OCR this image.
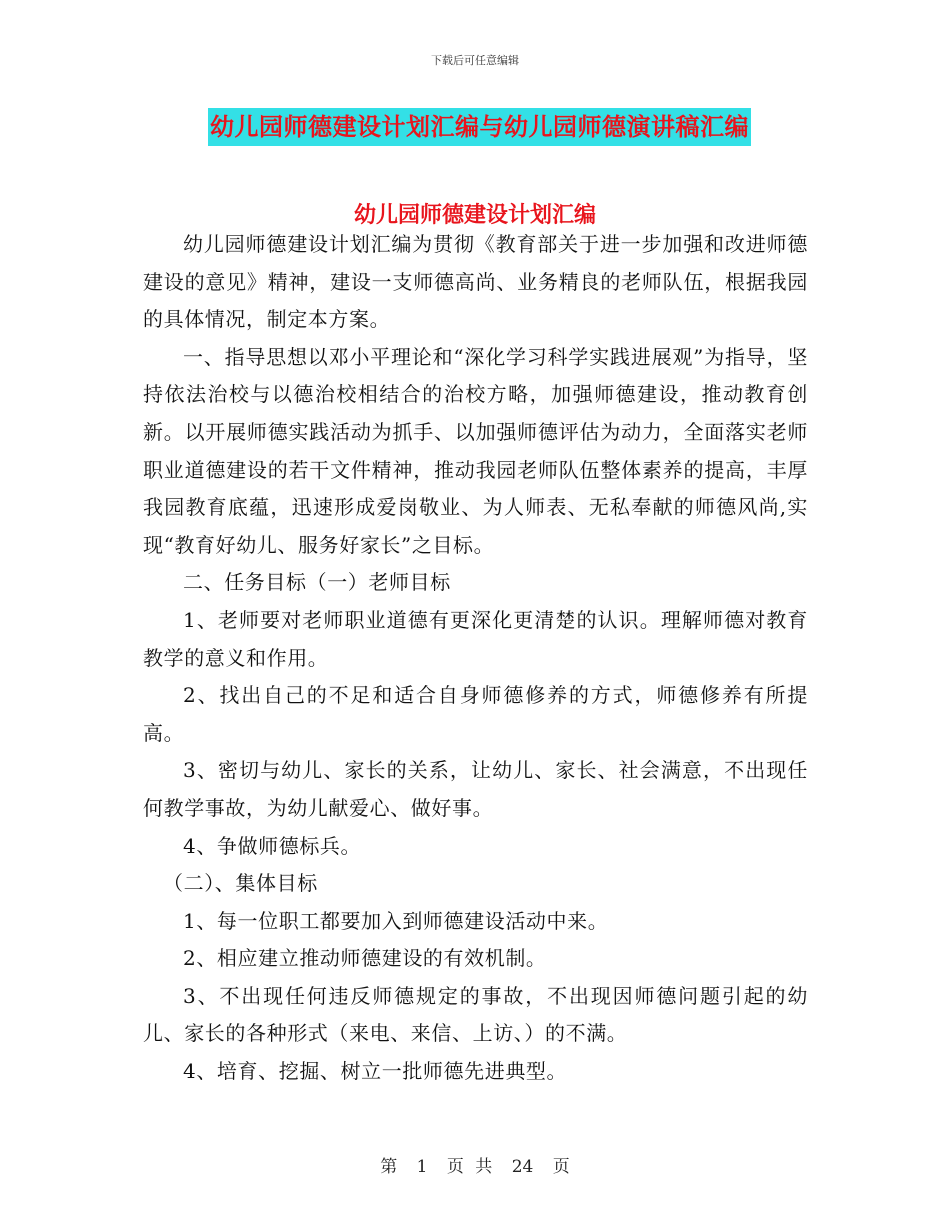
下载后可任意编辑
幼儿园师德建设计划汇编与幼儿园师德演讲稿汇编
幼儿园师德建设计划汇编

幼儿园师德建设计划汇编为贯彻《教育部关于进一步加强和改进师德建设的意见》精神，建设一支师德高尚、业务精良的老师队伍，根据我园的具体情况，制定本方案。

一、指导思想以邓小平理论和“深化学习科学实践进展观”为指导，坚持依法治校与以德治校相结合的治校方略，加强师德建设，推动教育创新。以开展师德实践活动为抓手、以加强师德评估为动力，全面落实老师职业道德建设的若干文件精神，推动我园老师队伍整体素养的提高，丰厚我园教育底蕴，迅速形成爱岗敬业、为人师表、无私奉献的师德风尚,实现“教育好幼儿、服务好家长”之目标。

二、任务目标（一）老师目标

1、老师要对老师职业道德有更深化更清楚的认识。理解师德对教育教学的意义和作用。

2、找出自己的不足和适合自身师德修养的方式，师德修养有所提高。

3、密切与幼儿、家长的关系，让幼儿、家长、社会满意，不出现任何教学事故，为幼儿献爱心、做好事。

4、争做师德标兵。

（二）、集体目标

1、每一位职工都要加入到师德建设活动中来。

2、相应建立推动师德建设的有效机制。

3、不出现任何违反师德规定的事故，不出现因师德问题引起的幼儿、家长的各种形式（来电、来信、上访、）的不满。

4、培育、挖掘、树立一批师德先进典型。

第 1 页 共 24 页
